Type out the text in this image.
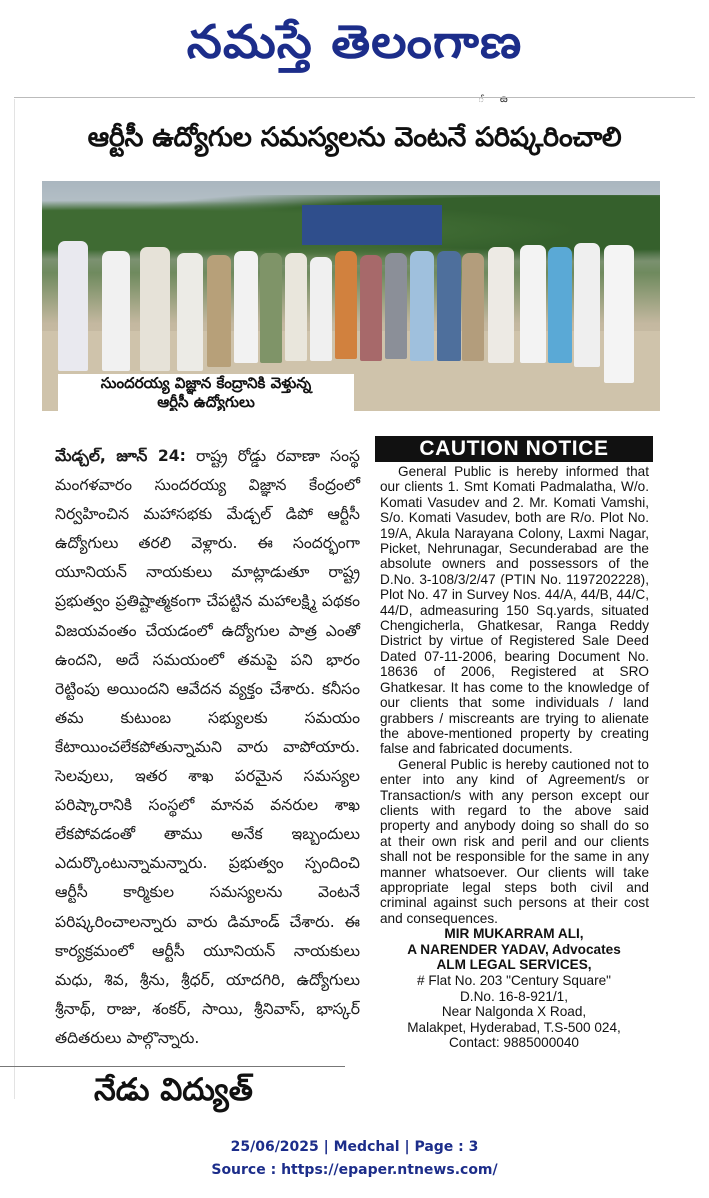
నమస్తే తెలంగాణ
ౕ ౚ
ఆర్టీసీ ఉద్యోగుల సమస్యలను వెంటనే పరిష్కరించాలి
సుందరయ్య విజ్ఞాన కేంద్రానికి వెళ్తున్న
ఆర్టీసీ ఉద్యోగులు
మేడ్చల్, జూన్ 24: రాష్ట్ర రోడ్డు రవాణా సంస్థ మంగళవారం సుందరయ్య విజ్ఞాన కేంద్రంలో నిర్వహించిన మహాసభకు మేడ్చల్ డిపో ఆర్టీసీ ఉద్యోగులు తరలి వెళ్లారు. ఈ సందర్భంగా యూనియన్ నాయకులు మాట్లాడుతూ రాష్ట్ర ప్రభుత్వం ప్రతిష్టాత్మకంగా చేపట్టిన మహాలక్ష్మి పథకం విజయవంతం చేయడంలో ఉద్యోగుల పాత్ర ఎంతో ఉందని, అదే సమయంలో తమపై పని భారం రెట్టింపు అయిందని ఆవేదన వ్యక్తం చేశారు. కనీసం తమ కుటుంబ సభ్యులకు సమయం కేటాయించలేకపోతున్నామని వారు వాపోయారు. సెలవులు, ఇతర శాఖ పరమైన సమస్యల పరిష్కారానికి సంస్థలో మానవ వనరుల శాఖ లేకపోవడంతో తాము అనేక ఇబ్బందులు ఎదుర్కొంటున్నామన్నారు. ప్రభుత్వం స్పందించి ఆర్టీసీ కార్మికుల సమస్యలను వెంటనే పరిష్కరించాలన్నారు వారు డిమాండ్ చేశారు. ఈ కార్యక్రమంలో ఆర్టీసీ యూనియన్ నాయకులు మధు, శివ, శ్రీను, శ్రీధర్, యాదగిరి, ఉద్యోగులు శ్రీనాథ్, రాజు, శంకర్, సాయి, శ్రీనివాస్, భాస్కర్ తదితరులు పాల్గొన్నారు.
నేడు విద్యుత్
CAUTION NOTICE

General Public is hereby informed that our clients 1. Smt Komati Padmalatha, W/o. Komati Vasudev and 2. Mr. Komati Vamshi, S/o. Komati Vasudev, both are R/o. Plot No. 19/A, Akula Narayana Colony, Laxmi Nagar, Picket, Nehrunagar, Secunderabad are the absolute owners and possessors of the D.No. 3-108/3/2/47 (PTIN No. 1197202228), Plot No. 47 in Survey Nos. 44/A, 44/B, 44/C, 44/D, admeasuring 150 Sq.yards, situated Chengicherla, Ghatkesar, Ranga Reddy District by virtue of Registered Sale Deed Dated 07-11-2006, bearing Document No. 18636 of 2006, Registered at SRO Ghatkesar. It has come to the knowledge of our clients that some individuals / land grabbers / miscreants are trying to alienate the above-mentioned property by creating false and fabricated documents.

General Public is hereby cautioned not to enter into any kind of Agreement/s or Transaction/s with any person except our clients with regard to the above said property and anybody doing so shall do so at their own risk and peril and our clients shall not be responsible for the same in any manner whatsoever. Our clients will take appropriate legal steps both civil and criminal against such persons at their cost and consequences.

MIR MUKARRAM ALI,
A NARENDER YADAV, Advocates
ALM LEGAL SERVICES,
# Flat No. 203 "Century Square"
D.No. 16-8-921/1,
Near Nalgonda X Road,
Malakpet, Hyderabad, T.S-500 024,
Contact: 9885000040
25/06/2025 | Medchal | Page : 3
Source : https://epaper.ntnews.com/
